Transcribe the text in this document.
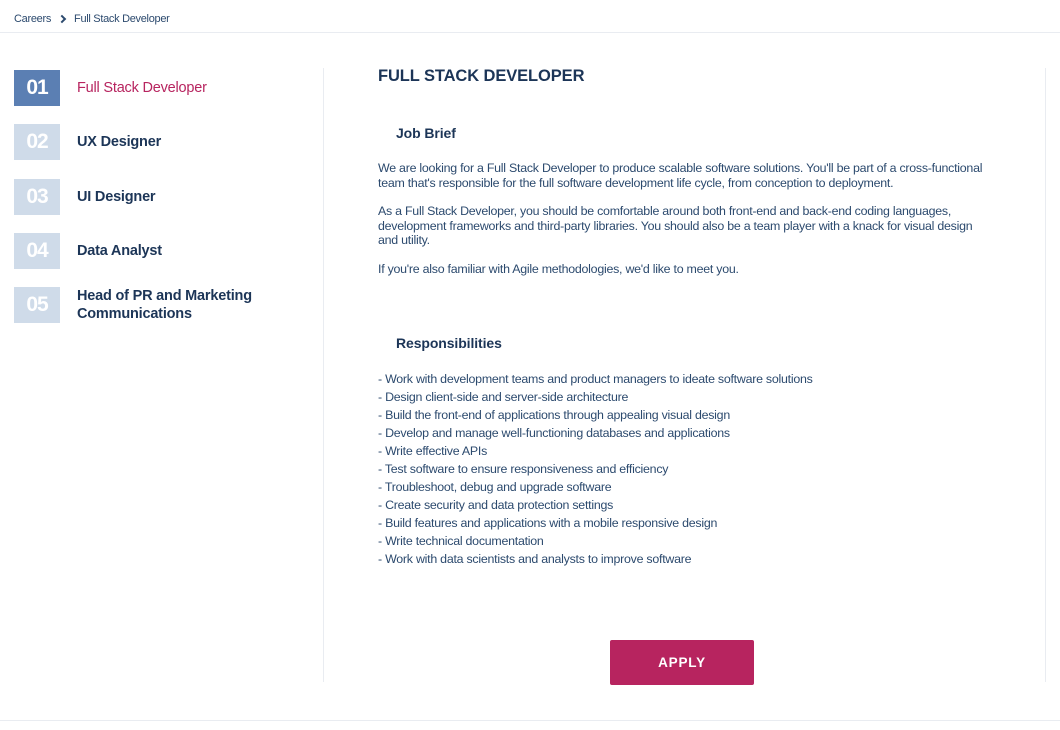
Careers Full Stack Developer
01	Full Stack Developer
02	UX Designer
03	UI Designer
04	Data Analyst
05	Head of PR and Marketing Communications
FULL STACK DEVELOPER
Job Brief

We are looking for a Full Stack Developer to produce scalable software solutions. You'll be part of a cross-functional team that's responsible for the full software development life cycle, from conception to deployment.

As a Full Stack Developer, you should be comfortable around both front-end and back-end coding languages, development frameworks and third-party libraries. You should also be a team player with a knack for visual design and utility.

If you're also familiar with Agile methodologies, we'd like to meet you.

Responsibilities
- Work with development teams and product managers to ideate software solutions
- Design client-side and server-side architecture
- Build the front-end of applications through appealing visual design
- Develop and manage well-functioning databases and applications
- Write effective APIs
- Test software to ensure responsiveness and efficiency
- Troubleshoot, debug and upgrade software
- Create security and data protection settings
- Build features and applications with a mobile responsive design
- Write technical documentation
- Work with data scientists and analysts to improve software
APPLY
